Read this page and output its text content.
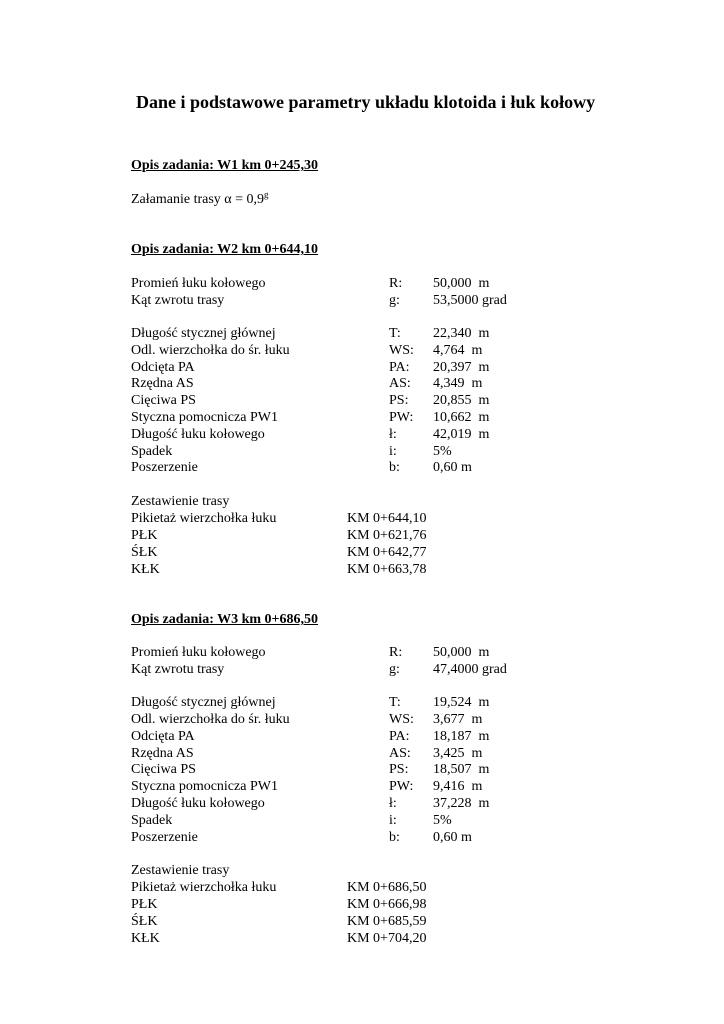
Dane i podstawowe parametry układu klotoida i łuk kołowy
Opis zadania: W1 km 0+245,30
Załamanie trasy α = 0,9$^g$
Opis zadania: W2 km 0+644,10
Promień łuku kołowego	R: 50,000  m
Kąt zwrotu trasy	g: 53,5000 grad
Długość stycznej głównej	T: 22,340  m
Odl. wierzchołka do śr. łuku	WS: 4,764  m
Odcięta PA	PA: 20,397  m
Rzędna AS	AS: 4,349  m
Cięciwa PS	PS: 20,855  m
Styczna pomocnicza PW1	PW: 10,662  m
Długość łuku kołowego	ł:	42,019  m
Spadek	i:	5%
Poszerzenie	b: 0,60 m
Zestawienie trasy
Pikietaż wierzchołka łuku	KM 0+644,10
PŁK	KM 0+621,76
ŚŁK	KM 0+642,77
KŁK	KM 0+663,78
Opis zadania: W3 km 0+686,50
Promień łuku kołowego	R: 50,000  m
Kąt zwrotu trasy	g: 47,4000 grad
Długość stycznej głównej	T: 19,524  m
Odl. wierzchołka do śr. łuku	WS: 3,677  m
Odcięta PA	PA: 18,187  m
Rzędna AS	AS: 3,425  m
Cięciwa PS	PS: 18,507  m
Styczna pomocnicza PW1	PW: 9,416  m
Długość łuku kołowego	ł:	37,228  m
Spadek	i:	5%
Poszerzenie	b: 0,60 m
Zestawienie trasy
Pikietaż wierzchołka łuku	KM 0+686,50
PŁK	KM 0+666,98
ŚŁK	KM 0+685,59
KŁK	KM 0+704,20
